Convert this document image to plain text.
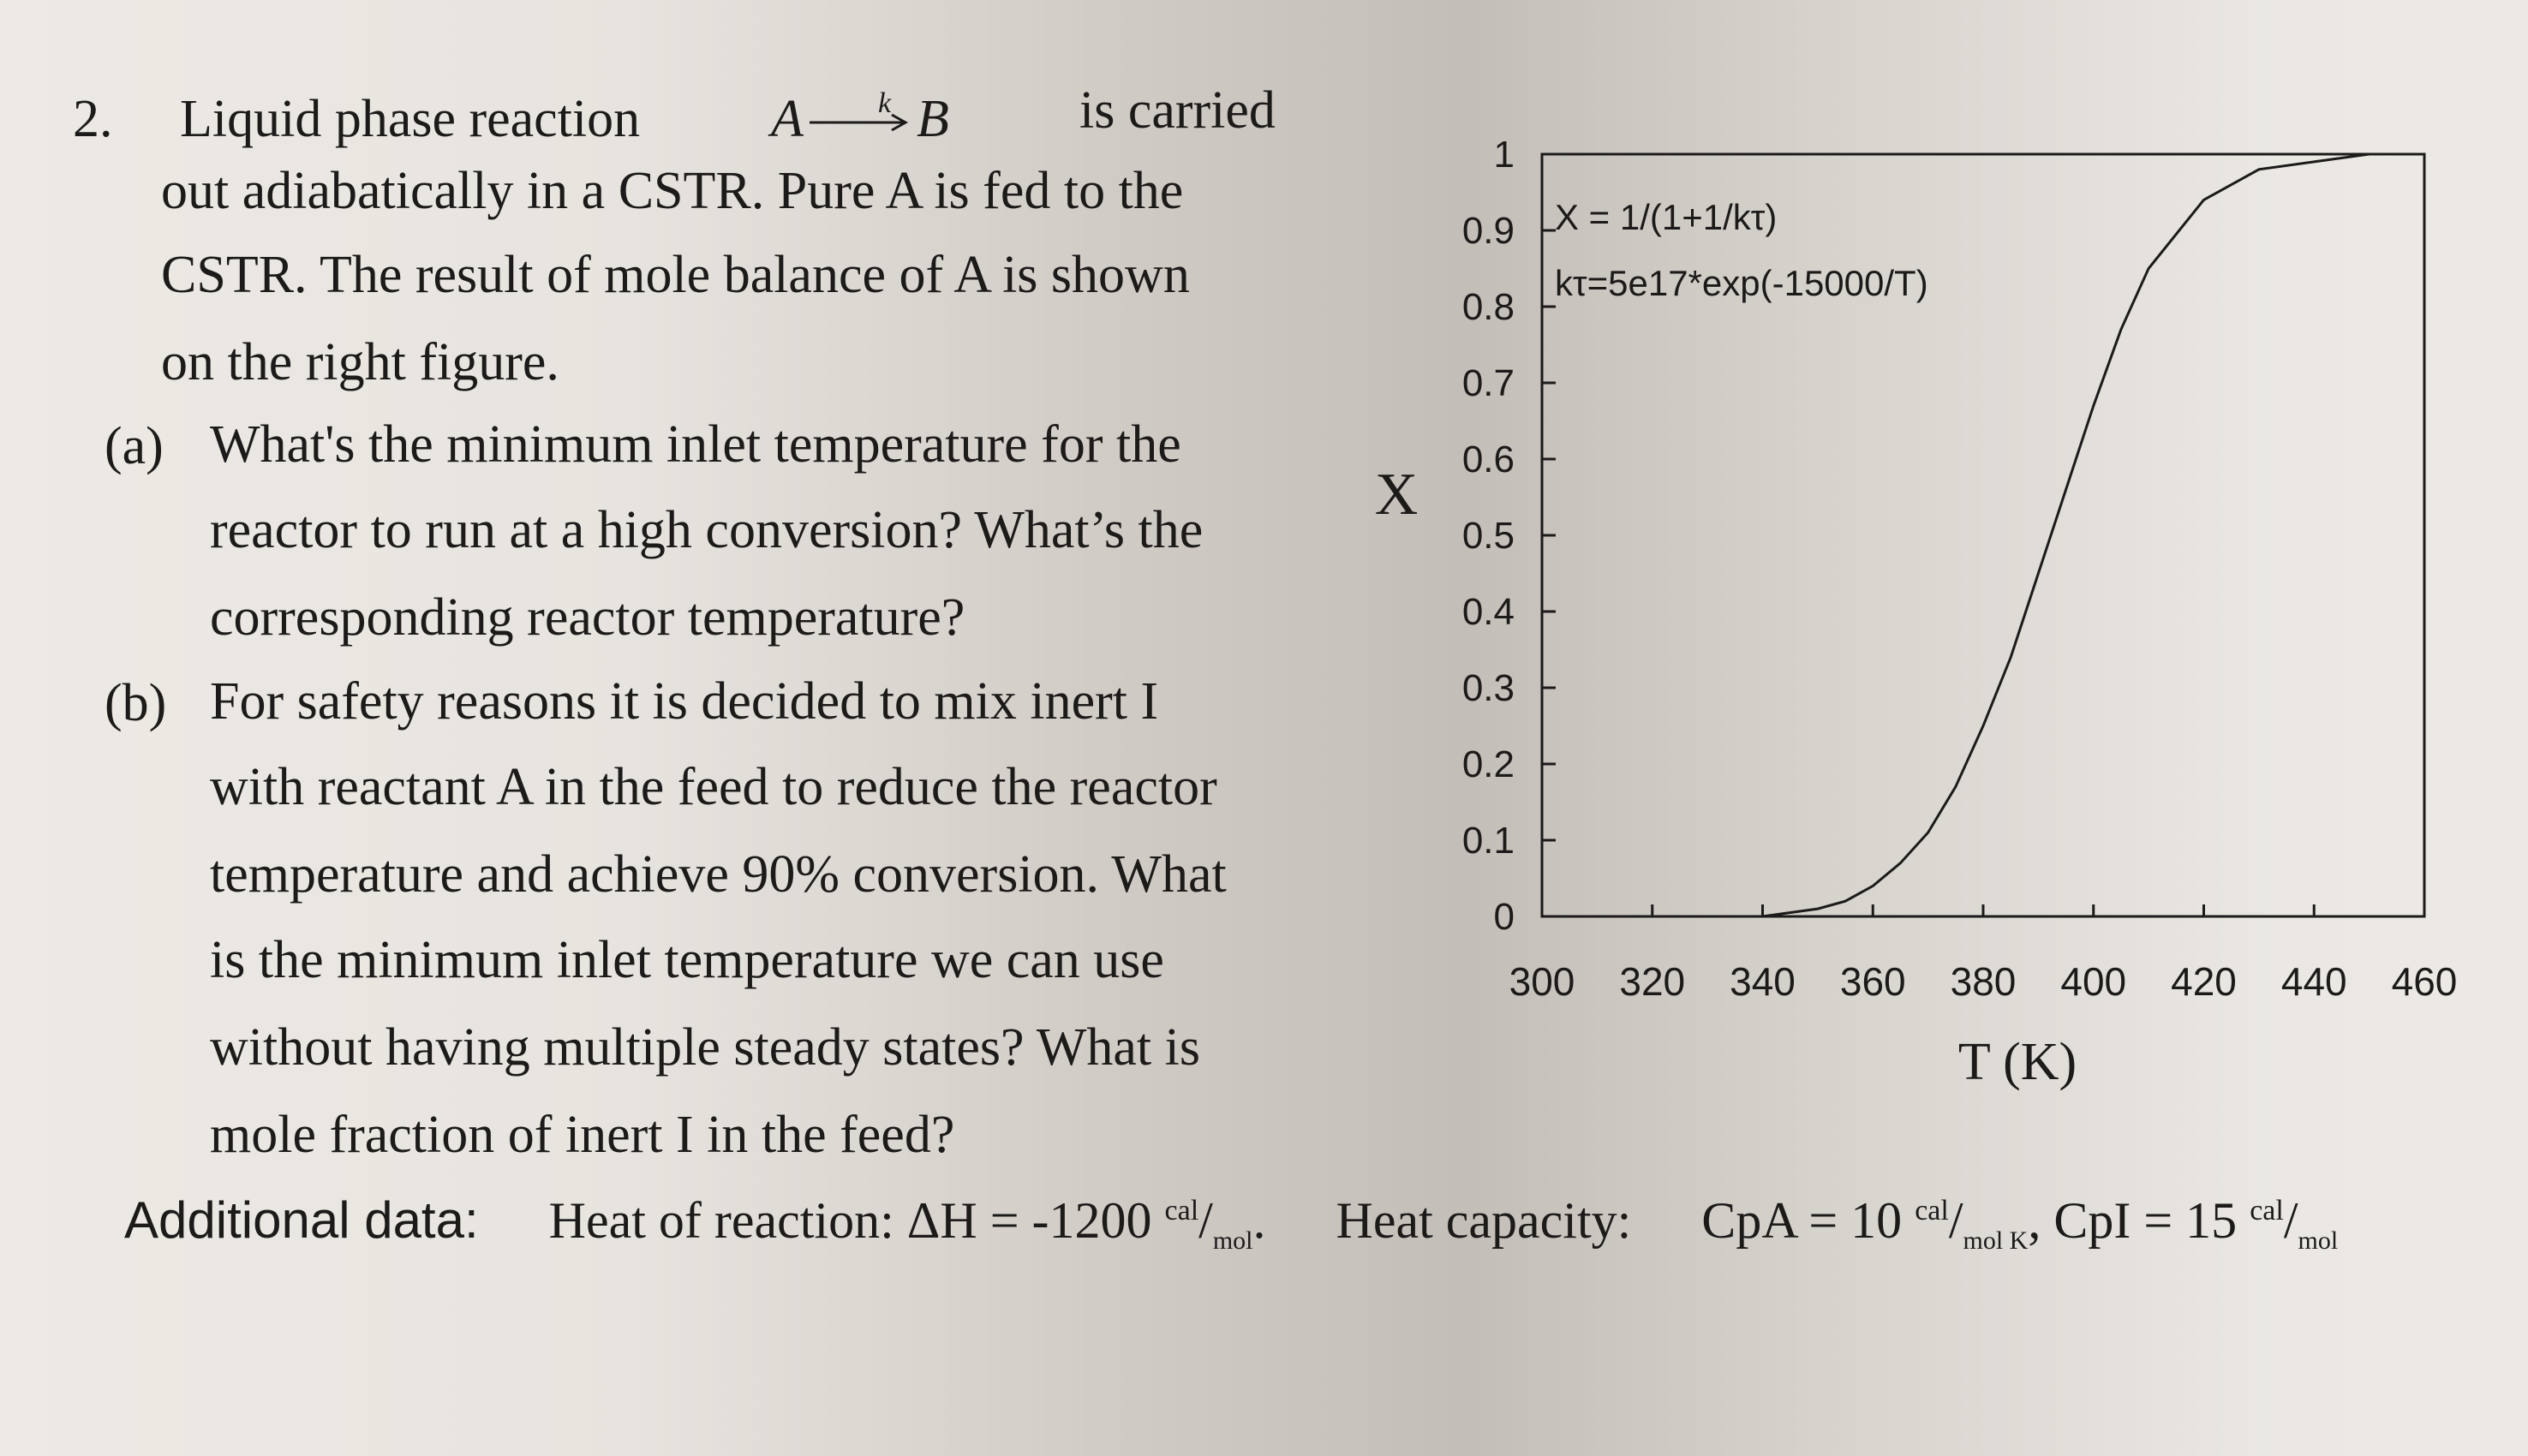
2. Liquid phase reaction A	k → B is carried
out adiabatically in a CSTR. Pure A is fed to the
CSTR. The result of mole balance of A is shown
on the right figure.
(a) What's the minimum inlet temperature for the
reactor to run at a high conversion? What’s the
corresponding reactor temperature?
(b) For safety reasons it is decided to mix inert I
with reactant A in the feed to reduce the reactor
temperature and achieve 90% conversion. What
is the minimum inlet temperature we can use
without having multiple steady states? What is
mole fraction of inert I in the feed?
0
0.1
0.2
0.3
0.4
0.5
0.6
0.7
0.8
0.9
1
300 320 340 360 380 400 420 440 460
X
T (K)
X = 1/(1+1/kτ)
kτ=5e17*exp(-15000/T)
Additional data: Heat of reaction: ΔH = -1200 $^{cal}/_{mol}$.  Heat capacity: CpA = 10 $^{cal}/_{mol K}$, CpI = 15 $^{cal}/_{mol}$
